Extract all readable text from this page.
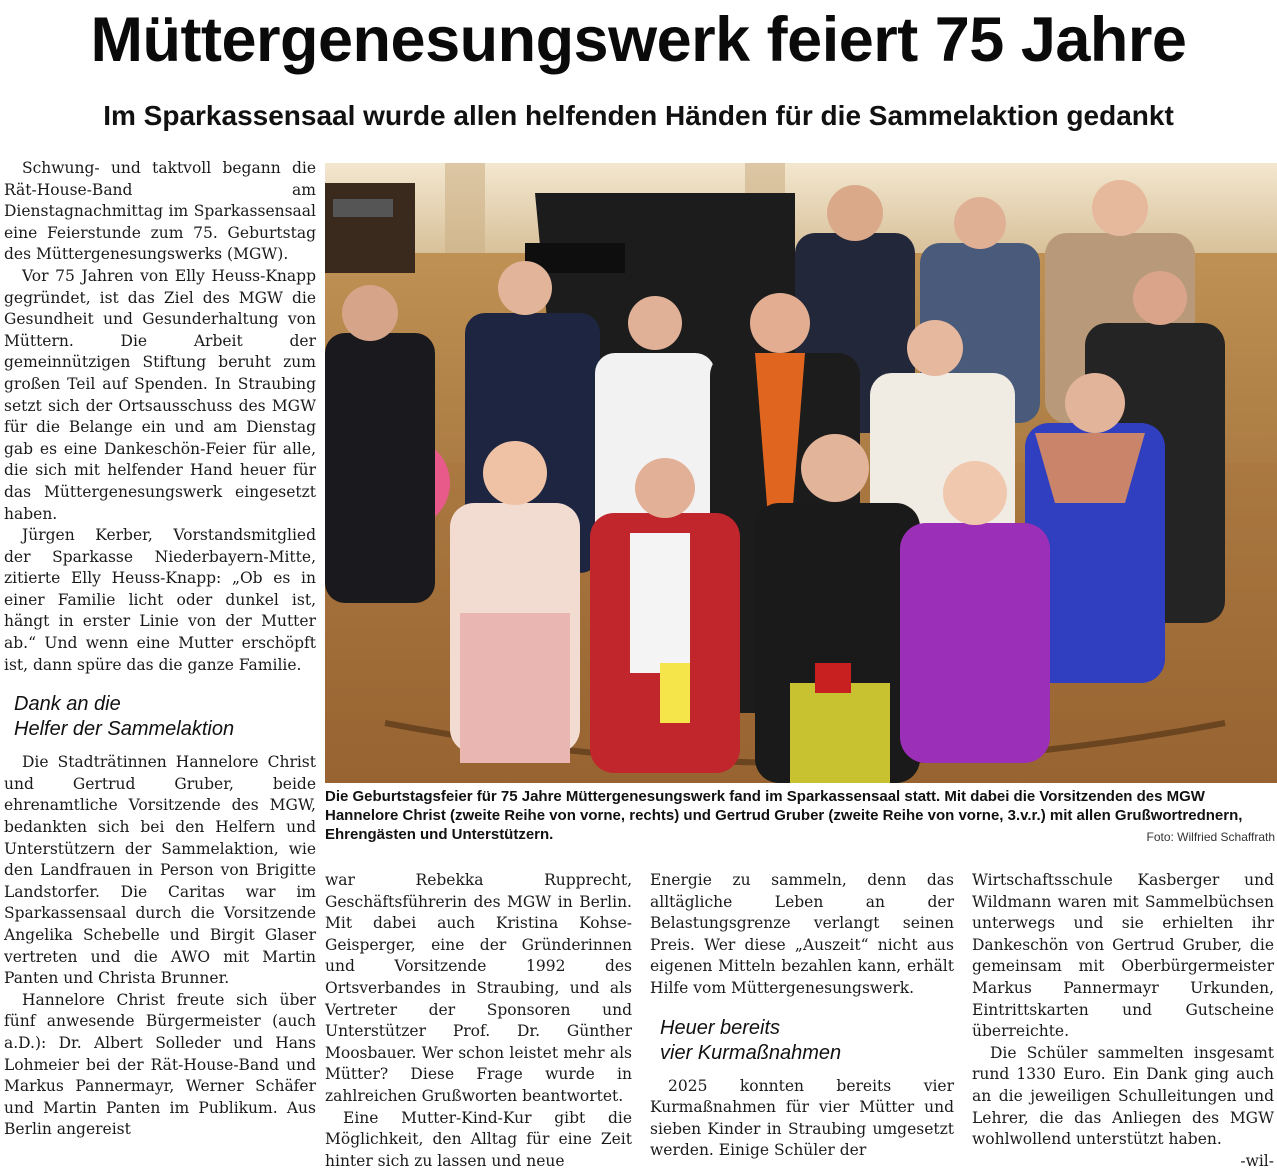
Müttergenesungswerk feiert 75 Jahre
Im Sparkassensaal wurde allen helfenden Händen für die Sammelaktion gedankt

Schwung- und taktvoll begann die Rät-House-Band am Dienstagnachmittag im Sparkassensaal eine Feierstunde zum 75. Geburtstag des Müttergenesungswerks (MGW).

Vor 75 Jahren von Elly Heuss-Knapp gegründet, ist das Ziel des MGW die Gesundheit und Gesunderhaltung von Müttern. Die Arbeit der gemeinnützigen Stiftung beruht zum großen Teil auf Spenden. In Straubing setzt sich der Ortsausschuss des MGW für die Belange ein und am Dienstag gab es eine Dankeschön-Feier für alle, die sich mit helfender Hand heuer für das Müttergenesungswerk eingesetzt haben.

Jürgen Kerber, Vorstandsmitglied der Sparkasse Niederbayern-Mitte, zitierte Elly Heuss-Knapp: „Ob es in einer Familie licht oder dunkel ist, hängt in erster Linie von der Mutter ab.“ Und wenn eine Mutter erschöpft ist, dann spüre das die ganze Familie.

Dank an die
Helfer der Sammelaktion

Die Stadträtinnen Hannelore Christ und Gertrud Gruber, beide ehrenamtliche Vorsitzende des MGW, bedankten sich bei den Helfern und Unterstützern der Sammelaktion, wie den Landfrauen in Person von Brigitte Landstorfer. Die Caritas war im Sparkassensaal durch die Vorsitzende Angelika Schebelle und Birgit Glaser vertreten und die AWO mit Martin Panten und Christa Brunner.

Hannelore Christ freute sich über fünf anwesende Bürgermeister (auch a.D.): Dr. Albert Solleder und Hans Lohmeier bei der Rät-House-Band und Markus Pannermayr, Werner Schäfer und Martin Panten im Publikum. Aus Berlin angereist

Die Geburtstagsfeier für 75 Jahre Müttergenesungswerk fand im Sparkassensaal statt. Mit dabei die Vorsitzenden des MGW Hannelore Christ (zweite Reihe von vorne, rechts) und Gertrud Gruber (zweite Reihe von vorne, 3.v.r.) mit allen Grußwortrednern, Ehrengästen und Unterstützern.	Foto: Wilfried Schaffrath

war Rebekka Rupprecht, Geschäftsführerin des MGW in Berlin. Mit dabei auch Kristina Kohse-Geisperger, eine der Gründerinnen und Vorsitzende 1992 des Ortsverbandes in Straubing, und als Vertreter der Sponsoren und Unterstützer Prof. Dr. Günther Moosbauer. Wer schon leistet mehr als Mütter? Diese Frage wurde in zahlreichen Grußworten beantwortet.

Eine Mutter-Kind-Kur gibt die Möglichkeit, den Alltag für eine Zeit hinter sich zu lassen und neue

Energie zu sammeln, denn das alltägliche Leben an der Belastungsgrenze verlangt seinen Preis. Wer diese „Auszeit“ nicht aus eigenen Mitteln bezahlen kann, erhält Hilfe vom Müttergenesungswerk.

Heuer bereits
vier Kurmaßnahmen

2025 konnten bereits vier Kurmaßnahmen für vier Mütter und sieben Kinder in Straubing umgesetzt werden. Einige Schüler der

Wirtschaftsschule Kasberger und Wildmann waren mit Sammelbüchsen unterwegs und sie erhielten ihr Dankeschön von Gertrud Gruber, die gemeinsam mit Oberbürgermeister Markus Pannermayr Urkunden, Eintrittskarten und Gutscheine überreichte.

Die Schüler sammelten insgesamt rund 1330 Euro. Ein Dank ging auch an die jeweiligen Schulleitungen und Lehrer, die das Anliegen des MGW wohlwollend unterstützt haben.

-wil-
